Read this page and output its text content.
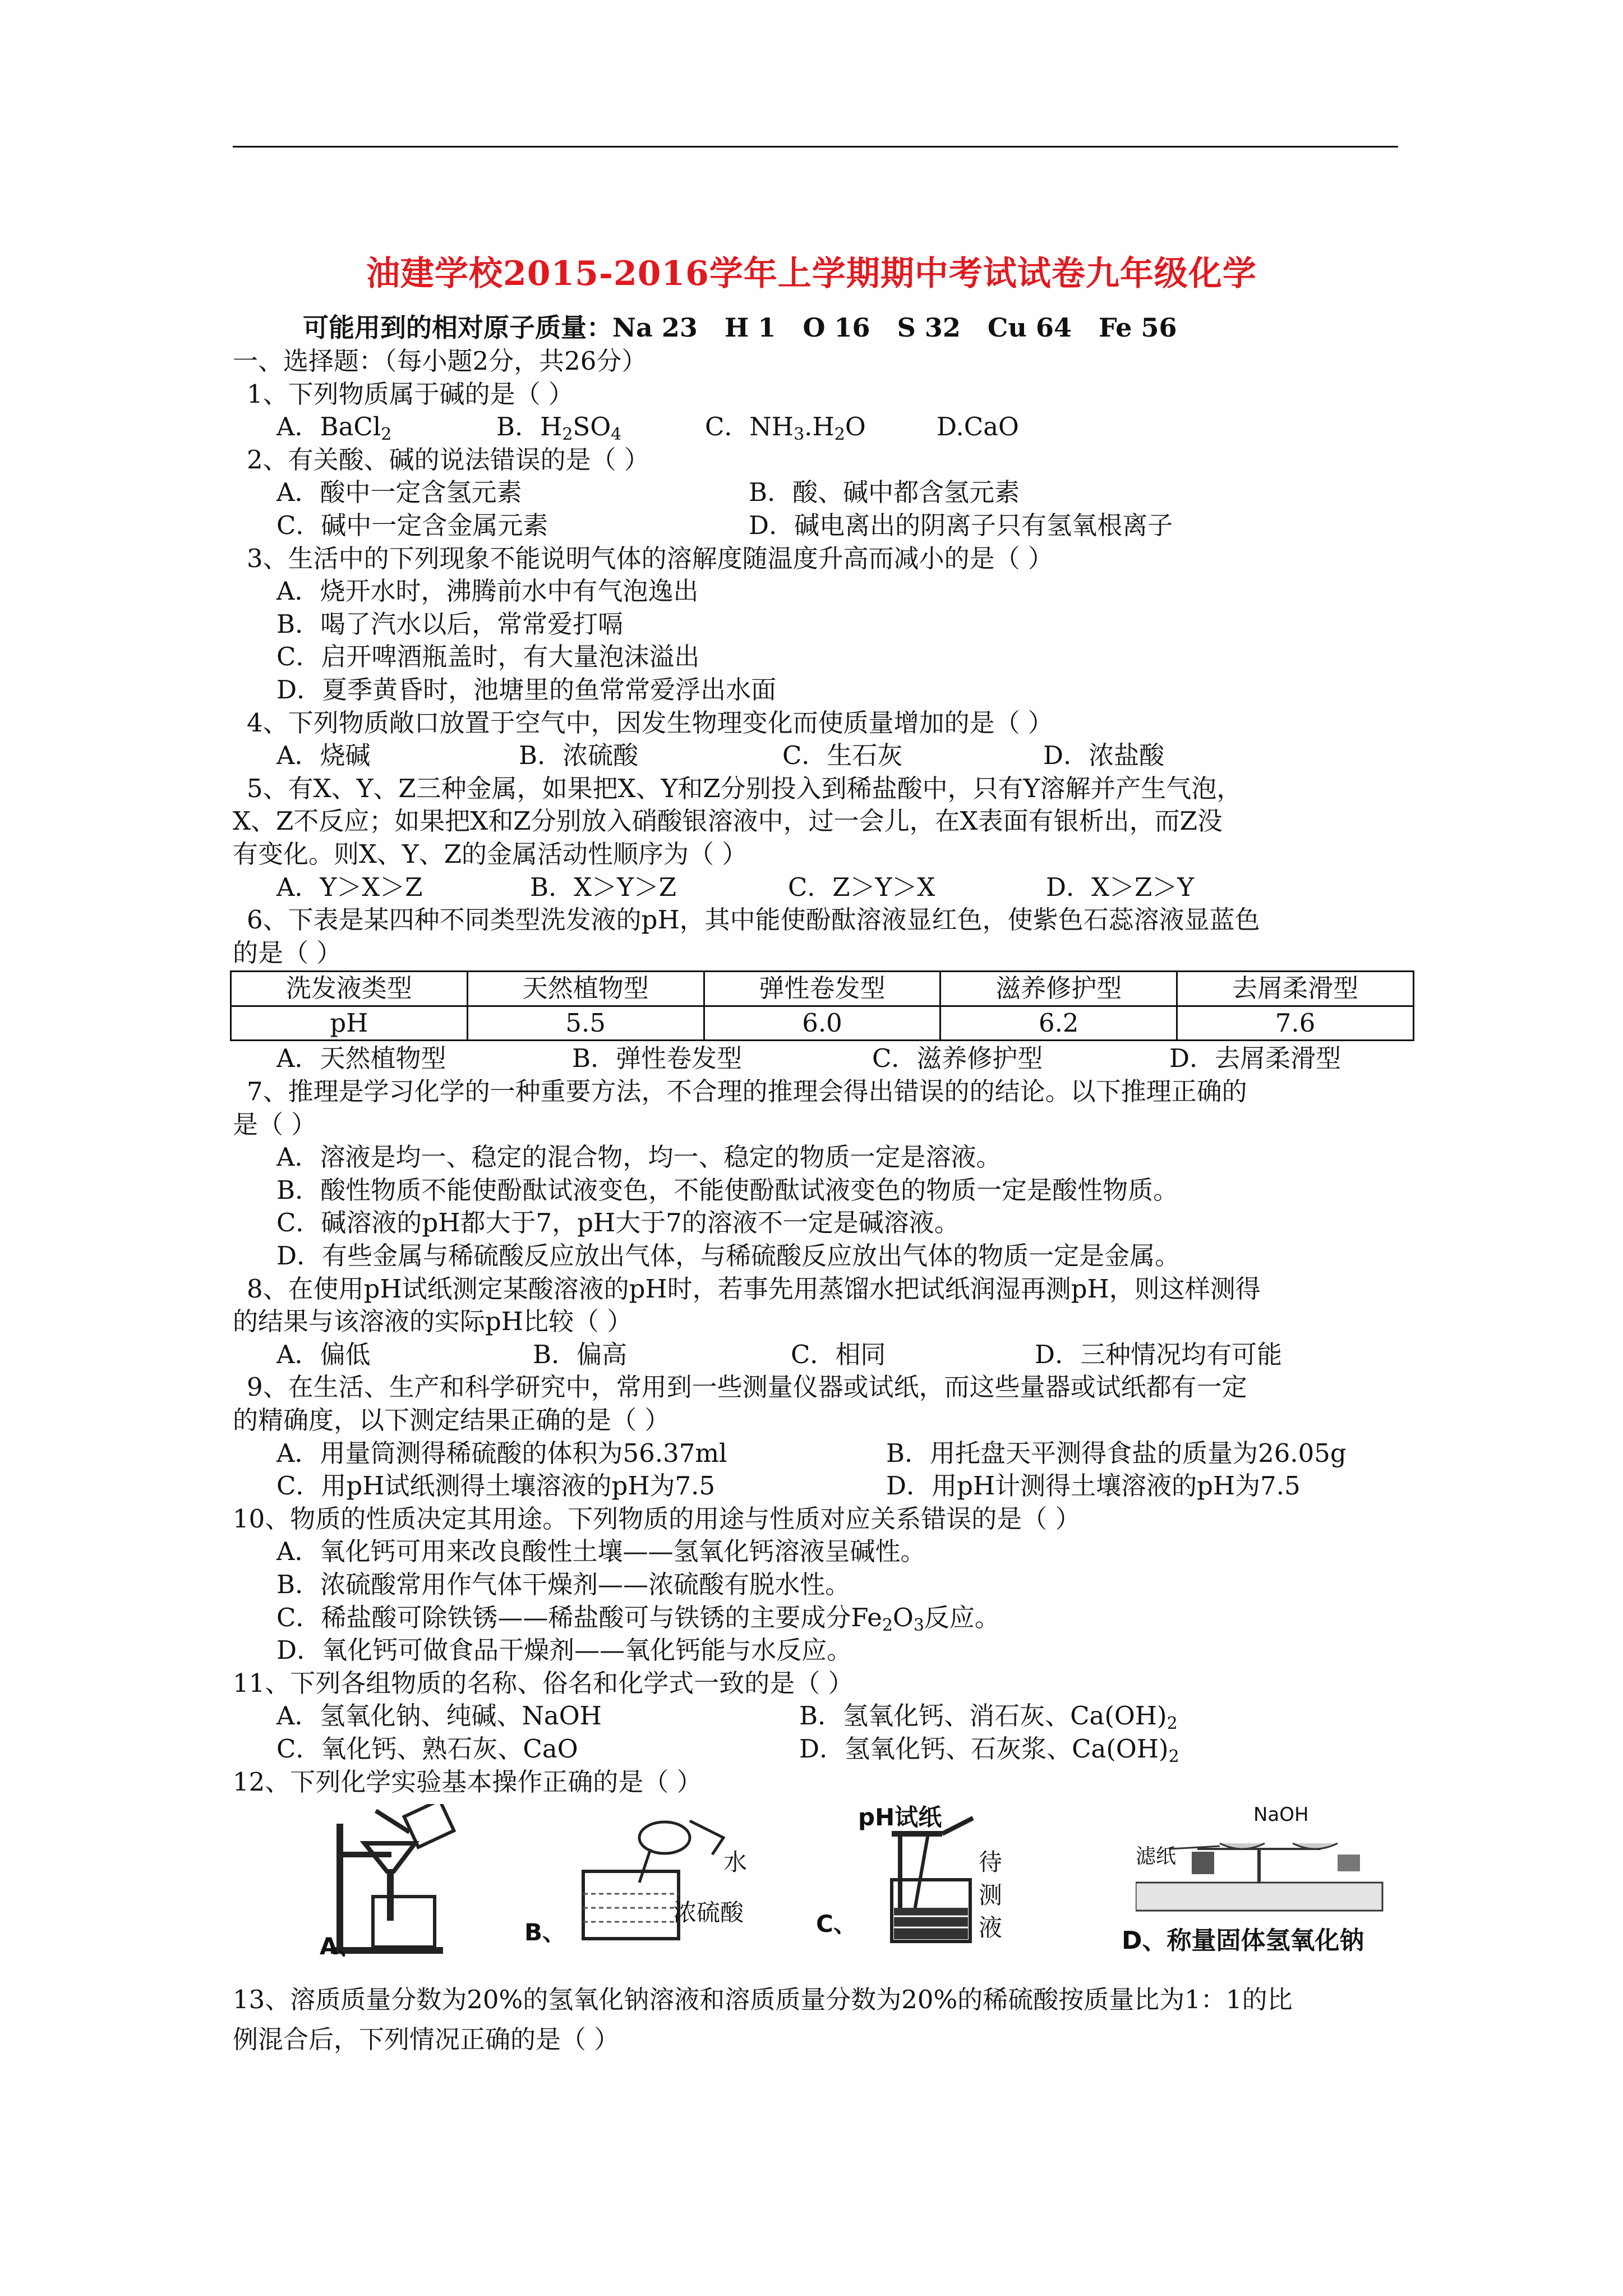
油建学校2015-2016学年上学期期中考试试卷九年级化学
可能用到的相对原子质量：Na 23   H 1   O 16   S 32   Cu 64   Fe 56
一、选择题：（每小题2分，共26分）
1、下列物质属于碱的是（ ）
A．BaCl$_2$	B．$H_2SO_4$	C．$NH_3.H_2O$	D.CaO
2、有关酸、碱的说法错误的是（ ）
A．酸中一定含氢元素	B．酸、碱中都含氢元素
C．碱中一定含金属元素	D．碱电离出的阴离子只有氢氧根离子
3、生活中的下列现象不能说明气体的溶解度随温度升高而减小的是（ ）
A．烧开水时，沸腾前水中有气泡逸出
B．喝了汽水以后，常常爱打嗝
C．启开啤酒瓶盖时，有大量泡沫溢出
D．夏季黄昏时，池塘里的鱼常常爱浮出水面
4、下列物质敞口放置于空气中，因发生物理变化而使质量增加的是（ ）
A．烧碱	B．浓硫酸	C．生石灰	D．浓盐酸
5、有X、Y、Z三种金属，如果把X、Y和Z分别投入到稀盐酸中，只有Y溶解并产生气泡，
X、Z不反应；如果把X和Z分别放入硝酸银溶液中，过一会儿，在X表面有银析出，而Z没
有变化。则X、Y、Z的金属活动性顺序为（ ）
A．Y＞X＞Z	B．X＞Y＞Z	C．Z＞Y＞X	D．X＞Z＞Y
6、下表是某四种不同类型洗发液的pH，其中能使酚酞溶液显红色，使紫色石蕊溶液显蓝色
的是（ ）
洗发液类型	天然植物型	弹性卷发型	滋养修护型	去屑柔滑型
pH	5.5	6.0	6.2	7.6
A．天然植物型	B．弹性卷发型	C．滋养修护型	D．去屑柔滑型
7、推理是学习化学的一种重要方法，不合理的推理会得出错误的的结论。以下推理正确的
是（ ）
A．溶液是均一、稳定的混合物，均一、稳定的物质一定是溶液。
B．酸性物质不能使酚酞试液变色，不能使酚酞试液变色的物质一定是酸性物质。
C．碱溶液的pH都大于7，pH大于7的溶液不一定是碱溶液。
D．有些金属与稀硫酸反应放出气体，与稀硫酸反应放出气体的物质一定是金属。
8、在使用pH试纸测定某酸溶液的pH时，若事先用蒸馏水把试纸润湿再测pH，则这样测得
的结果与该溶液的实际pH比较（ ）
A．偏低	B．偏高	C．相同	D．三种情况均有可能
9、在生活、生产和科学研究中，常用到一些测量仪器或试纸，而这些量器或试纸都有一定
的精确度，以下测定结果正确的是（ ）
A．用量筒测得稀硫酸的体积为56.37ml	B．用托盘天平测得食盐的质量为26.05g
C．用pH试纸测得土壤溶液的pH为7.5	D．用pH计测得土壤溶液的pH为7.5
10、物质的性质决定其用途。下列物质的用途与性质对应关系错误的是（ ）
A．氧化钙可用来改良酸性土壤——氢氧化钙溶液呈碱性。
B．浓硫酸常用作气体干燥剂——浓硫酸有脱水性。
C．稀盐酸可除铁锈——稀盐酸可与铁锈的主要成分$Fe_2O_3$反应。
D．氧化钙可做食品干燥剂——氧化钙能与水反应。
11、下列各组物质的名称、俗名和化学式一致的是（ ）
A．氢氧化钠、纯碱、NaOH	B．氢氧化钙、消石灰、$Ca(OH)_2$
C．氧化钙、熟石灰、CaO	D．氢氧化钙、石灰浆、$Ca(OH)_2$
12、下列化学实验基本操作正确的是（ ）
A、
B、
水
浓硫酸
pH试纸
C、
待测液
NaOH
滤纸
D、称量固体氢氧化钠
13、溶质质量分数为20%的氢氧化钠溶液和溶质质量分数为20%的稀硫酸按质量比为1：1的比
例混合后，下列情况正确的是（ ）
